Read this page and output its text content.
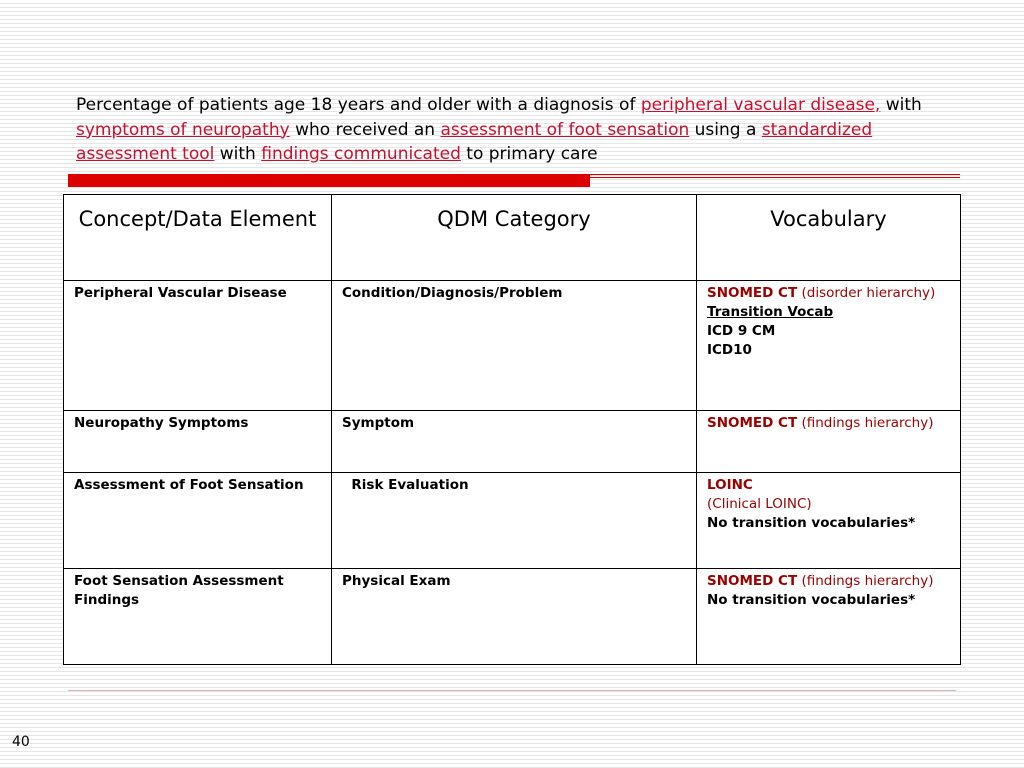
Percentage of patients age 18 years and older with a diagnosis of peripheral vascular disease, with symptoms of neuropathy who received an assessment of foot sensation using a standardized assessment tool with findings communicated to primary care
Concept/Data Element	QDM Category	Vocabulary
Peripheral Vascular Disease	Condition/Diagnosis/Problem	SNOMED CT (disorder hierarchy)
Transition Vocab
ICD 9 CM
ICD10
Neuropathy Symptoms	Symptom	SNOMED CT (findings hierarchy)
Assessment of Foot Sensation	Risk Evaluation	LOINC
(Clinical LOINC)
No transition vocabularies*
Foot Sensation Assessment Findings	Physical Exam	SNOMED CT (findings hierarchy)
No transition vocabularies*
40
